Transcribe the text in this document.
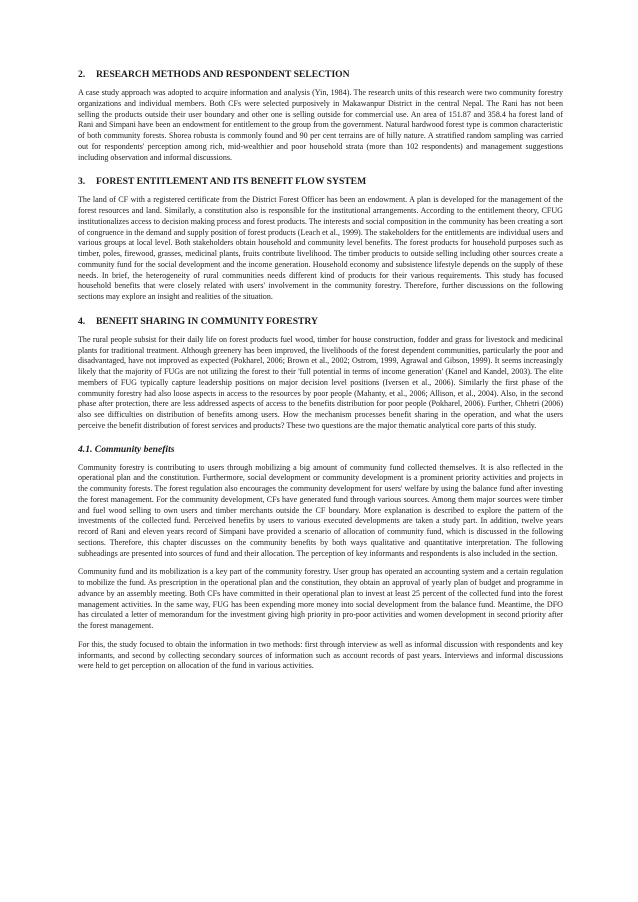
2.	RESEARCH METHODS AND RESPONDENT SELECTION

A case study approach was adopted to acquire information and analysis (Yin, 1984). The research units of this research were two community forestry organizations and individual members. Both CFs were selected purposively in Makawanpur District in the central Nepal. The Rani has not been selling the products outside their user boundary and other one is selling outside for commercial use. An area of 151.87 and 358.4 ha forest land of Rani and Simpani have been an endowment for entitlement to the group from the government. Natural hardwood forest type is common characteristic of both community forests. Shorea robusta is commonly found and 90 per cent terrains are of hilly nature. A stratified random sampling was carried out for respondents' perception among rich, mid-wealthier and poor household strata (more than 102 respondents) and management suggestions including observation and informal discussions.

3.	FOREST ENTITLEMENT AND ITS BENEFIT FLOW SYSTEM

The land of CF with a registered certificate from the District Forest Officer has been an endowment. A plan is developed for the management of the forest resources and land. Similarly, a constitution also is responsible for the institutional arrangements. According to the entitlement theory, CFUG institutionalizes access to decision making process and forest products. The interests and social composition in the community has been creating a sort of congruence in the demand and supply position of forest products (Leach et al., 1999). The stakeholders for the entitlements are individual users and various groups at local level. Both stakeholders obtain household and community level benefits. The forest products for household purposes such as timber, poles, firewood, grasses, medicinal plants, fruits contribute livelihood. The timber products to outside selling including other sources create a community fund for the social development and the income generation. Household economy and subsistence lifestyle depends on the supply of these needs. In brief, the heterogeneity of rural communities needs different kind of products for their various requirements. This study has focused household benefits that were closely related with users' involvement in the community forestry. Therefore, further discussions on the following sections may explore an insight and realities of the situation.

4.	BENEFIT SHARING IN COMMUNITY FORESTRY

The rural people subsist for their daily life on forest products fuel wood, timber for house construction, fodder and grass for livestock and medicinal plants for traditional treatment. Although greenery has been improved, the livelihoods of the forest dependent communities, particularly the poor and disadvantaged, have not improved as expected (Pokharel, 2006; Brown et al., 2002; Ostrom, 1999, Agrawal and Gibson, 1999). It seems increasingly likely that the majority of FUGs are not utilizing the forest to their 'full potential in terms of income generation' (Kanel and Kandel, 2003). The elite members of FUG typically capture leadership positions on major decision level positions (Iversen et al., 2006). Similarly the first phase of the community forestry had also loose aspects in access to the resources by poor people (Mahanty, et al., 2006; Allison, et al., 2004). Also, in the second phase after protection, there are less addressed aspects of access to the benefits distribution for poor people (Pokharel, 2006). Further, Chhetri (2006) also see difficulties on distribution of benefits among users. How the mechanism processes benefit sharing in the operation, and what the users perceive the benefit distribution of forest services and products? These two questions are the major thematic analytical core parts of this study.

4.1. Community benefits

Community forestry is contributing to users through mobilizing a big amount of community fund collected themselves. It is also reflected in the operational plan and the constitution. Furthermore, social development or community development is a prominent priority activities and projects in the community forests. The forest regulation also encourages the community development for users' welfare by using the balance fund after investing the forest management. For the community development, CFs have generated fund through various sources. Among them major sources were timber and fuel wood selling to own users and timber merchants outside the CF boundary. More explanation is described to explore the pattern of the investments of the collected fund. Perceived benefits by users to various executed developments are taken a study part. In addition, twelve years record of Rani and eleven years record of Simpani have provided a scenario of allocation of community fund, which is discussed in the following sections. Therefore, this chapter discusses on the community benefits by both ways qualitative and quantitative interpretation. The following subheadings are presented into sources of fund and their allocation. The perception of key informants and respondents is also included in the section.

Community fund and its mobilization is a key part of the community forestry. User group has operated an accounting system and a certain regulation to mobilize the fund. As prescription in the operational plan and the constitution, they obtain an approval of yearly plan of budget and programme in advance by an assembly meeting. Both CFs have committed in their operational plan to invest at least 25 percent of the collected fund into the forest management activities. In the same way, FUG has been expending more money into social development from the balance fund. Meantime, the DFO has circulated a letter of memorandum for the investment giving high priority in pro-poor activities and women development in second priority after the forest management.

For this, the study focused to obtain the information in two methods: first through interview as well as informal discussion with respondents and key informants, and second by collecting secondary sources of information such as account records of past years. Interviews and informal discussions were held to get perception on allocation of the fund in various activities.
